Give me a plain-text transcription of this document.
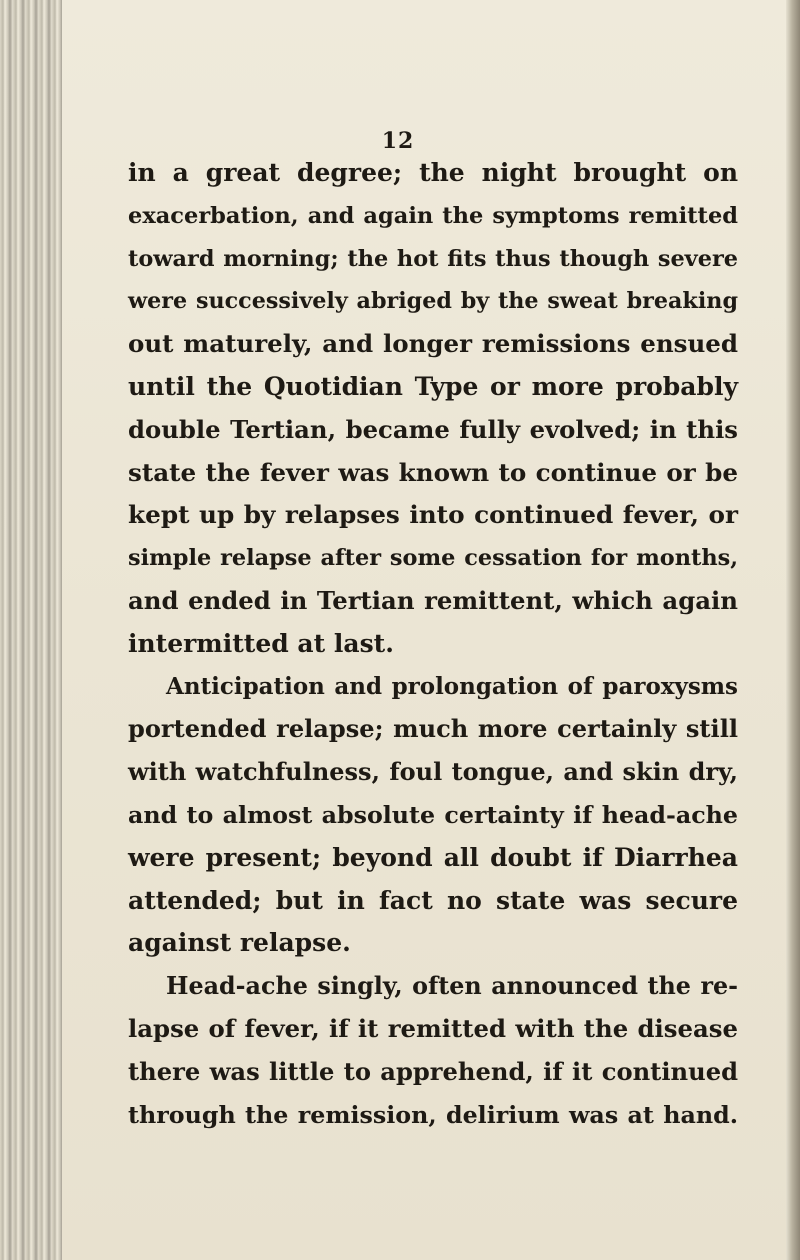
12
in a great degree; the night brought on
exacerbation, and again the symptoms remitted
toward morning; the hot fits thus though severe
were successively abriged by the sweat breaking
out maturely, and longer remissions ensued
until the Quotidian Type or more probably
double Tertian, became fully evolved; in this
state the fever was known to continue or be
kept up by relapses into continued fever, or
simple relapse after some cessation for months,
and ended in Tertian remittent, which again
intermitted at last.
Anticipation and prolongation of paroxysms
portended relapse; much more certainly still
with watchfulness, foul tongue, and skin dry,
and to almost absolute certainty if head-ache
were present; beyond all doubt if Diarrhea
attended; but in fact no state was secure
against relapse.
Head-ache singly, often announced the re-
lapse of fever, if it remitted with the disease
there was little to apprehend, if it continued
through the remission, delirium was at hand.
